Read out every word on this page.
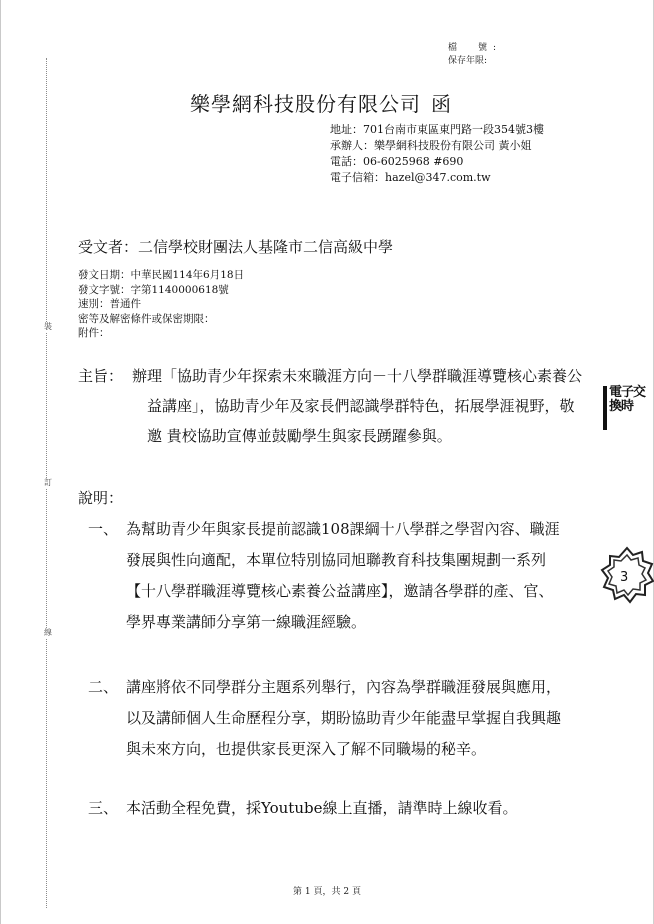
裝
訂
線
檔　號:
保存年限:
樂學網科技股份有限公司 函
地址：701台南市東區東門路一段354號3樓
承辦人：樂學網科技股份有限公司 黃小姐
電話：06-6025968 #690
電子信箱：hazel@347.com.tw
受文者：二信學校財團法人基隆市二信高級中學
發文日期：中華民國114年6月18日
發文字號：字第1140000618號
速別：普通件
密等及解密條件或保密期限：
附件：
主旨： 辦理「協助青少年探索未來職涯方向－十八學群職涯導覽核心素養公益講座」，協助青少年及家長們認識學群特色，拓展學涯視野，敬邀 貴校協助宣傳並鼓勵學生與家長踴躍參與。
說明：
一、 為幫助青少年與家長提前認識108課綱十八學群之學習內容、職涯發展與性向適配，本單位特別協同旭聯教育科技集團規劃一系列【十八學群職涯導覽核心素養公益講座】，邀請各學群的產、官、學界專業講師分享第一線職涯經驗。
二、 講座將依不同學群分主題系列舉行，內容為學群職涯發展與應用，以及講師個人生命歷程分享，期盼協助青少年能盡早掌握自我興趣與未來方向，也提供家長更深入了解不同職場的秘辛。
三、 本活動全程免費，採Youtube線上直播，請準時上線收看。
電子交換時
3
第 1 頁，共 2 頁
